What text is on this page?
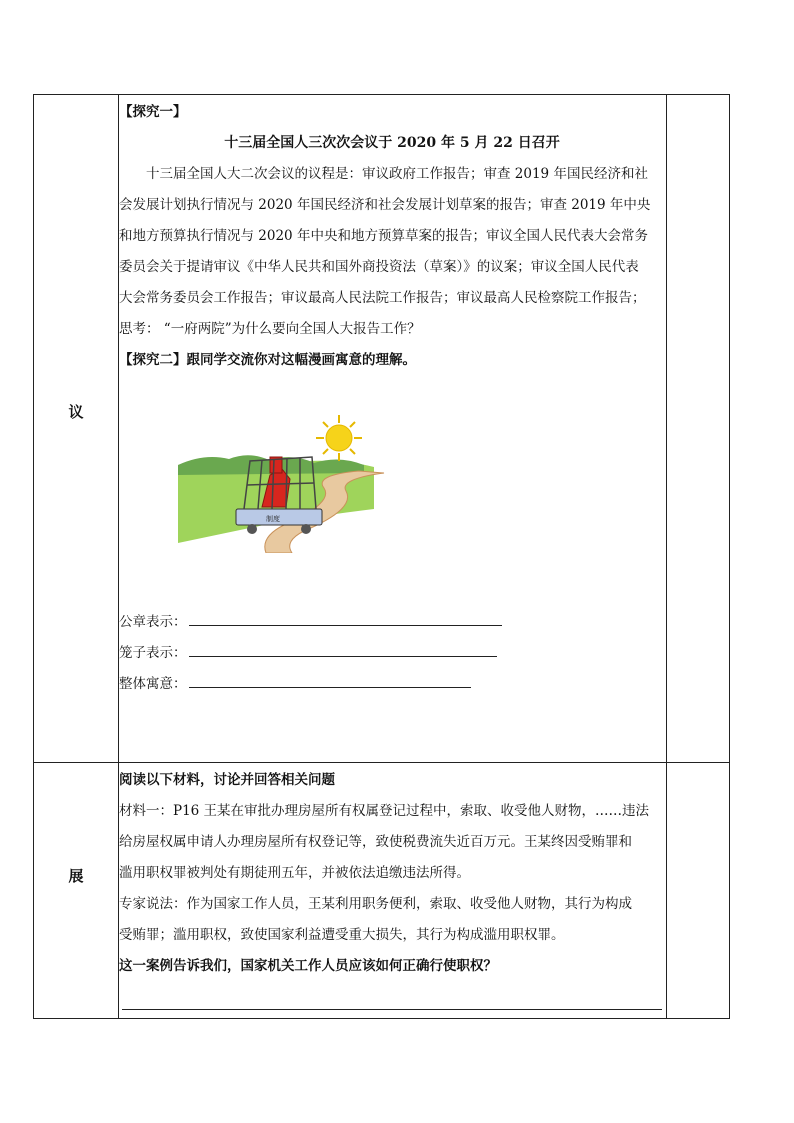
议

【探究一】

十三届全国人三次次会议于 2020 年 5 月 22 日召开

十三届全国人大二次会议的议程是：审议政府工作报告；审查 2019 年国民经济和社

会发展计划执行情况与 2020 年国民经济和社会发展计划草案的报告；审查 2019 年中央

和地方预算执行情况与 2020 年中央和地方预算草案的报告；审议全国人民代表大会常务

委员会关于提请审议《中华人民共和国外商投资法（草案）》的议案；审议全国人民代表

大会常务委员会工作报告；审议最高人民法院工作报告；审议最高人民检察院工作报告；

思考： “一府两院”为什么要向全国人大报告工作？

【探究二】跟同学交流你对这幅漫画寓意的理解。

制度
公章表示：
笼子表示：
整体寓意：
展

阅读以下材料，讨论并回答相关问题

材料一：P16 王某在审批办理房屋所有权属登记过程中，索取、收受他人财物，……违法

给房屋权属申请人办理房屋所有权登记等，致使税费流失近百万元。王某终因受贿罪和

滥用职权罪被判处有期徒刑五年，并被依法追缴违法所得。

专家说法：作为国家工作人员，王某利用职务便利，索取、收受他人财物，其行为构成

受贿罪；滥用职权，致使国家利益遭受重大损失，其行为构成滥用职权罪。

这一案例告诉我们，国家机关工作人员应该如何正确行使职权？
